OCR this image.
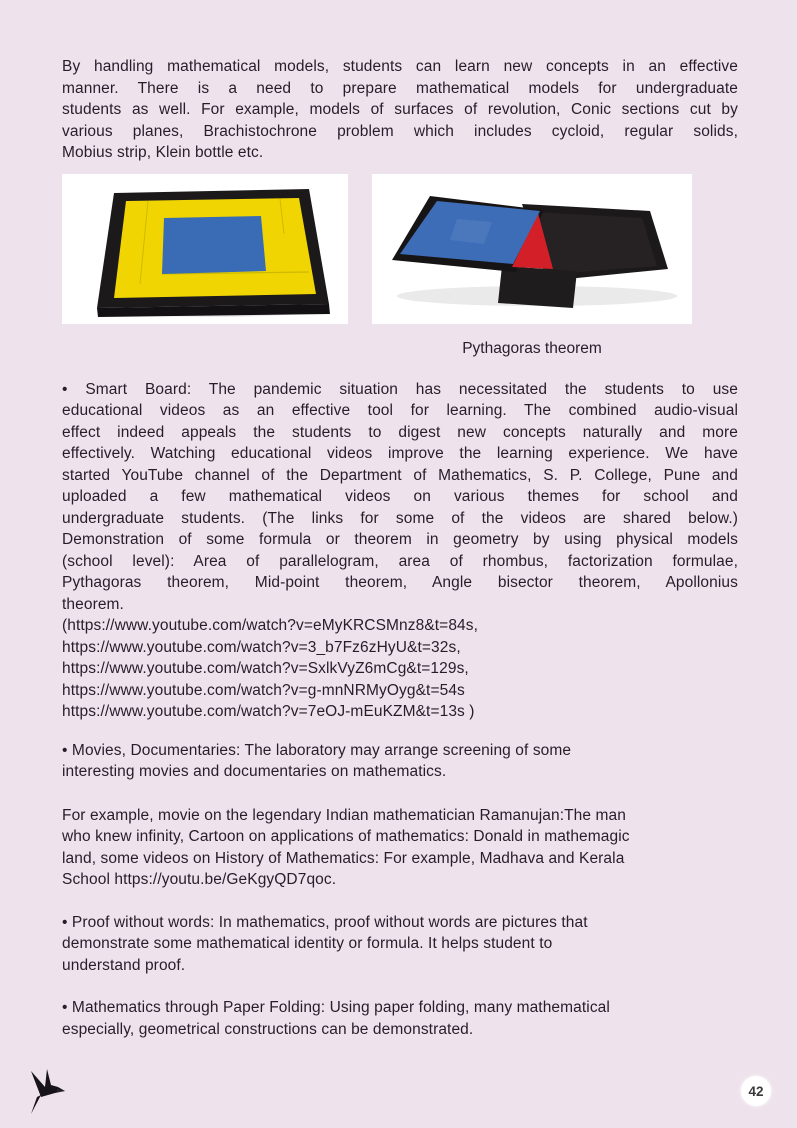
By handling mathematical models, students can learn new concepts in an effective
manner. There is a need to prepare mathematical models for undergraduate
students as well. For example, models of surfaces of revolution, Conic sections cut by
various planes, Brachistochrone problem which includes cycloid, regular solids,
Mobius strip, Klein bottle etc.
Pythagoras theorem
• Smart Board: The pandemic situation has necessitated the students to use
educational videos as an effective tool for learning. The combined audio-visual
effect indeed appeals the students to digest new concepts naturally and more
effectively. Watching educational videos improve the learning experience. We have
started YouTube channel of the Department of Mathematics, S. P. College, Pune and
uploaded a few mathematical videos on various themes for school and
undergraduate students. (The links for some of the videos are shared below.)
Demonstration of some formula or theorem in geometry by using physical models
(school level): Area of parallelogram, area of rhombus, factorization formulae,
Pythagoras theorem, Mid-point theorem, Angle bisector theorem, Apollonius
theorem.
(https://www.youtube.com/watch?v=eMyKRCSMnz8&t=84s,
https://www.youtube.com/watch?v=3_b7Fz6zHyU&t=32s,
https://www.youtube.com/watch?v=SxlkVyZ6mCg&t=129s,
https://www.youtube.com/watch?v=g-mnNRMyOyg&t=54s
https://www.youtube.com/watch?v=7eOJ-mEuKZM&t=13s )
• Movies, Documentaries: The laboratory may arrange screening of some
interesting movies and documentaries on mathematics.
For example, movie on the legendary Indian mathematician Ramanujan:The man
who knew infinity, Cartoon on applications of mathematics: Donald in mathemagic
land, some videos on History of Mathematics: For example, Madhava and Kerala
School https://youtu.be/GeKgyQD7qoc.
• Proof without words: In mathematics, proof without words are pictures that
demonstrate some mathematical identity or formula. It helps student to
understand proof.
• Mathematics through Paper Folding: Using paper folding, many mathematical
especially, geometrical constructions can be demonstrated.
42
